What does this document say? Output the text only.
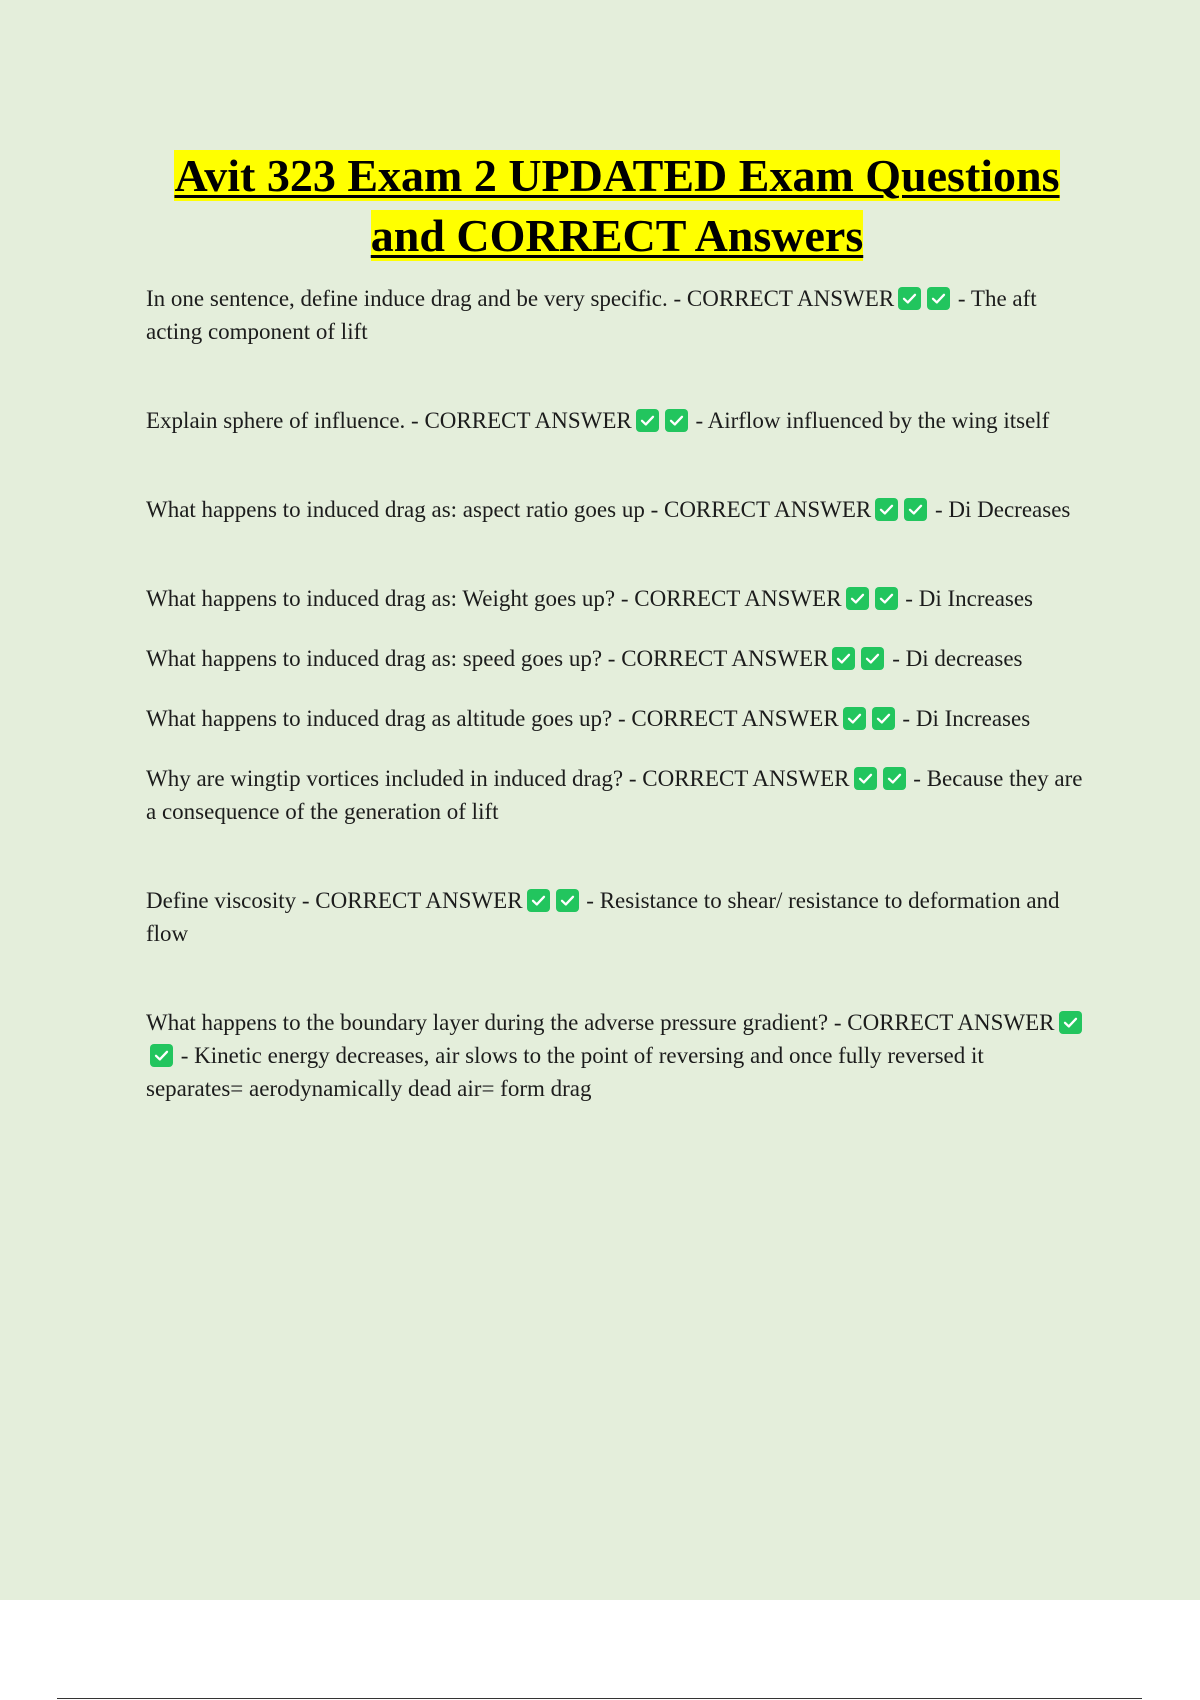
Avit 323 Exam 2 UPDATED Exam Questions and CORRECT Answers
In one sentence, define induce drag and be very specific. - CORRECT ANSWER	- The aft acting component of lift
Explain sphere of influence. - CORRECT ANSWER	- Airflow influenced by the wing itself
What happens to induced drag as: aspect ratio goes up - CORRECT ANSWER	- Di Decreases
What happens to induced drag as: Weight goes up? - CORRECT ANSWER	- Di Increases
What happens to induced drag as: speed goes up? - CORRECT ANSWER	- Di decreases
What happens to induced drag as altitude goes up? - CORRECT ANSWER	- Di Increases
Why are wingtip vortices included in induced drag? - CORRECT ANSWER	- Because they are a consequence of the generation of lift
Define viscosity - CORRECT ANSWER	- Resistance to shear/ resistance to deformation and flow
What happens to the boundary layer during the adverse pressure gradient? - CORRECT ANSWER
- Kinetic energy decreases, air slows to the point of reversing and once fully reversed it separates= aerodynamically dead air= form drag
